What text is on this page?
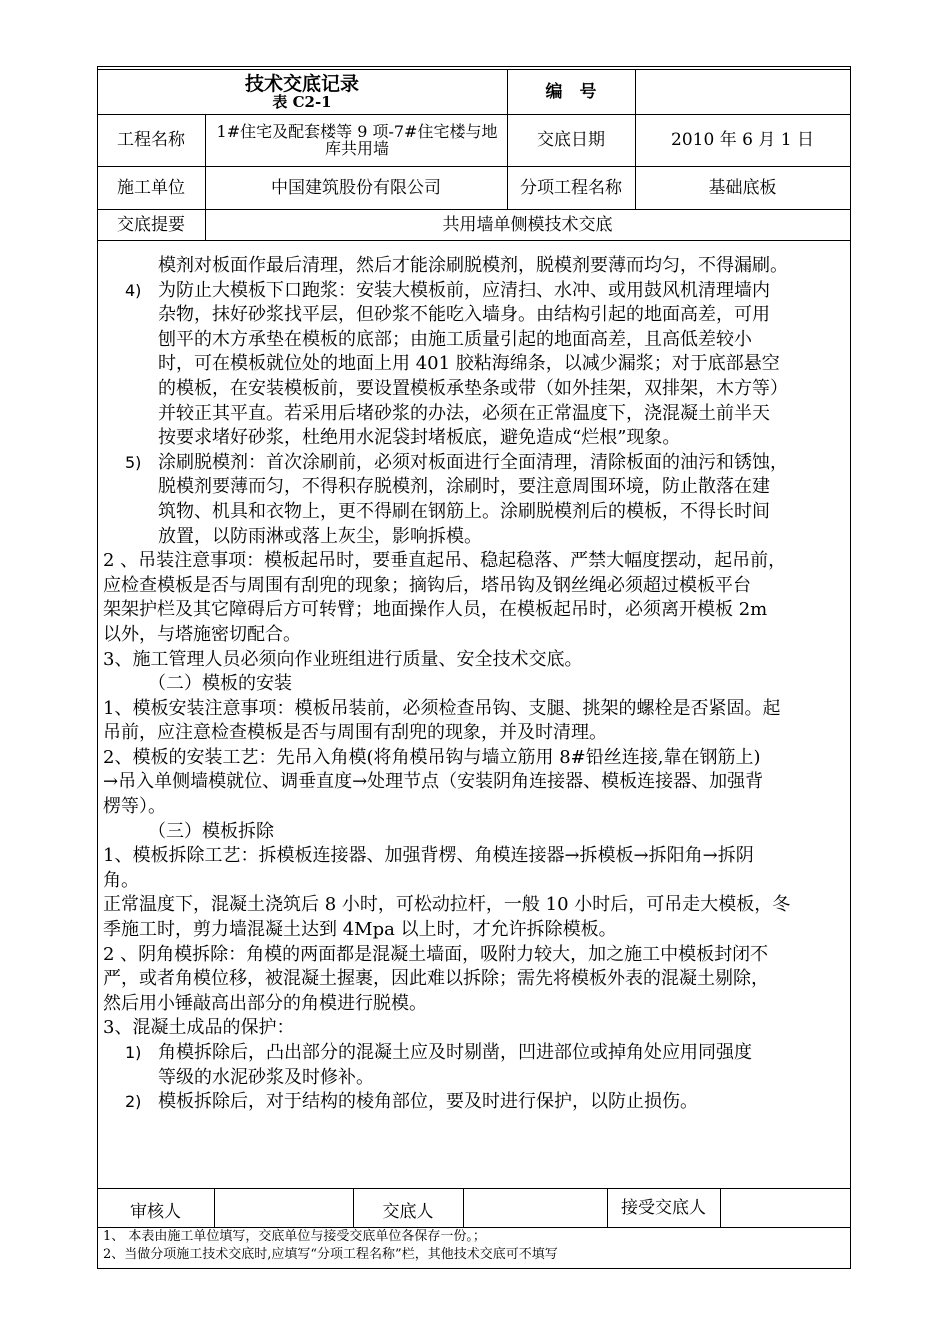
技术交底记录
表 C2-1	编　号
工程名称	1#住宅及配套楼等 9 项-7#住宅楼与地库共用墙	交底日期	2010 年 6 月 1 日
施工单位	中国建筑股份有限公司	分项工程名称	基础底板
交底提要	共用墙单侧模技术交底
模剂对板面作最后清理，然后才能涂刷脱模剂，脱模剂要薄而均匀，不得漏刷。
4) 为防止大模板下口跑浆：安装大模板前，应清扫、水冲、或用鼓风机清理墙内
杂物，抹好砂浆找平层，但砂浆不能吃入墙身。由结构引起的地面高差，可用
刨平的木方承垫在模板的底部；由施工质量引起的地面高差，且高低差较小
时，可在模板就位处的地面上用 401 胶粘海绵条，以减少漏浆；对于底部悬空
的模板，在安装模板前，要设置模板承垫条或带（如外挂架，双排架，木方等）
并较正其平直。若采用后堵砂浆的办法，必须在正常温度下，浇混凝土前半天
按要求堵好砂浆，杜绝用水泥袋封堵板底，避免造成“烂根”现象。
5) 涂刷脱模剂：首次涂刷前，必须对板面进行全面清理，清除板面的油污和锈蚀，
脱模剂要薄而匀，不得积存脱模剂，涂刷时，要注意周围环境，防止散落在建
筑物、机具和衣物上，更不得刷在钢筋上。涂刷脱模剂后的模板，不得长时间
放置，以防雨淋或落上灰尘，影响拆模。
2 、吊装注意事项：模板起吊时，要垂直起吊、稳起稳落、严禁大幅度摆动，起吊前，
应检查模板是否与周围有刮兜的现象；摘钩后，塔吊钩及钢丝绳必须超过模板平台
架架护栏及其它障碍后方可转臂；地面操作人员，在模板起吊时，必须离开模板 2m
以外，与塔施密切配合。
3、施工管理人员必须向作业班组进行质量、安全技术交底。
（二）模板的安装
1、模板安装注意事项：模板吊装前，必须检查吊钩、支腿、挑架的螺栓是否紧固。起
吊前，应注意检查模板是否与周围有刮兜的现象，并及时清理。
2、模板的安装工艺：先吊入角模(将角模吊钩与墙立筋用 8#铅丝连接,靠在钢筋上)
→吊入单侧墙模就位、调垂直度→处理节点（安装阴角连接器、模板连接器、加强背
楞等）。
（三）模板拆除
1、模板拆除工艺：拆模板连接器、加强背楞、角模连接器→拆模板→拆阳角→拆阴
角。
正常温度下，混凝土浇筑后 8 小时，可松动拉杆，一般 10 小时后，可吊走大模板，冬
季施工时，剪力墙混凝土达到 4Mpa 以上时，才允许拆除模板。
2 、阴角模拆除：角模的两面都是混凝土墙面，吸附力较大，加之施工中模板封闭不
严，或者角模位移，被混凝土握裹，因此难以拆除；需先将模板外表的混凝土剔除，
然后用小锤敲高出部分的角模进行脱模。
3、混凝土成品的保护：
1) 角模拆除后，凸出部分的混凝土应及时剔凿，凹进部位或掉角处应用同强度
等级的水泥砂浆及时修补。
2) 模板拆除后，对于结构的棱角部位，要及时进行保护，以防止损伤。
审核人	交底人	接受交底人
1、 本表由施工单位填写，交底单位与接受交底单位各保存一份。；
2、当做分项施工技术交底时,应填写“分项工程名称”栏，其他技术交底可不填写
